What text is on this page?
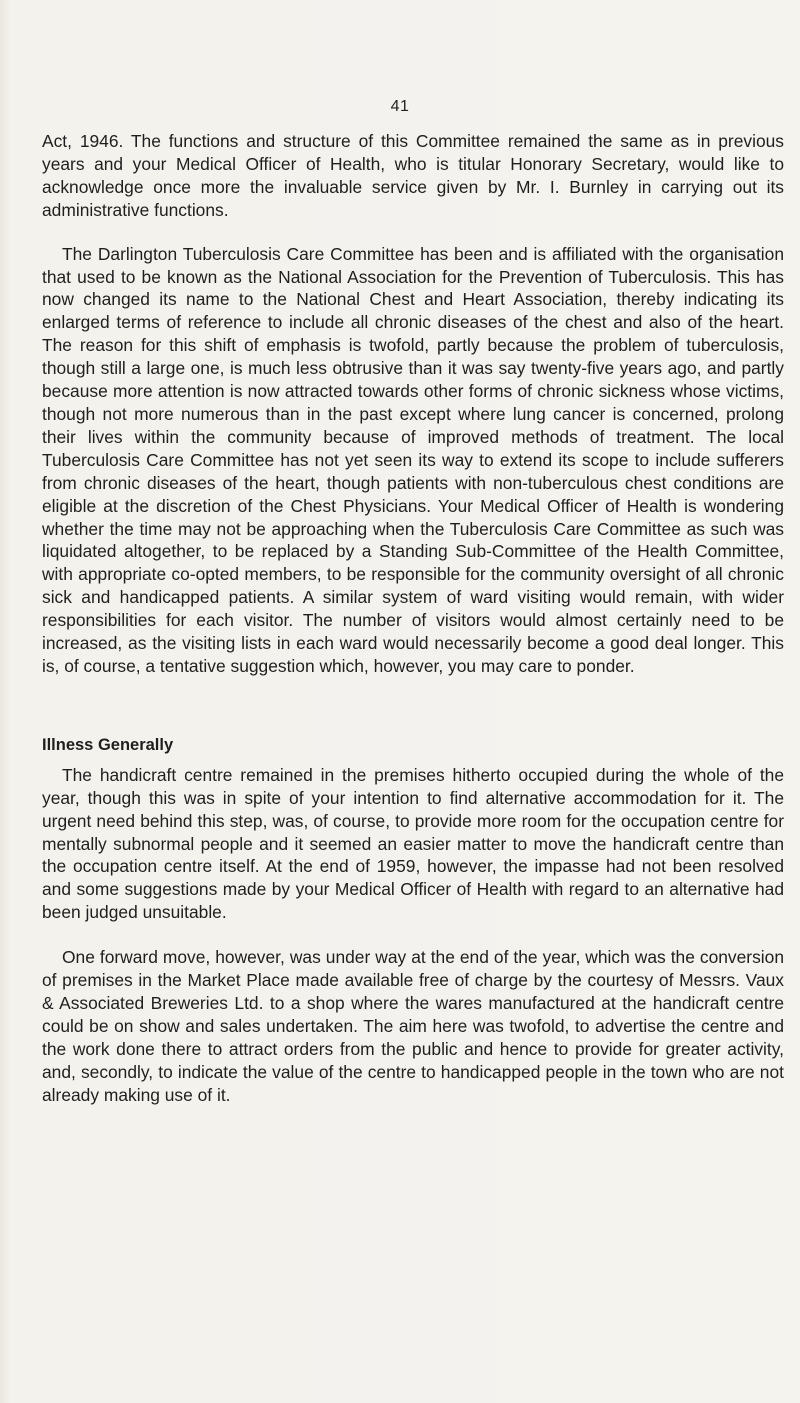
41

Act, 1946. The functions and structure of this Committee remained the same as in previous years and your Medical Officer of Health, who is titular Honorary Secretary, would like to acknowledge once more the invaluable service given by Mr. I. Burnley in carrying out its administrative functions.

The Darlington Tuberculosis Care Committee has been and is affiliated with the organisation that used to be known as the National Association for the Prevention of Tuberculosis. This has now changed its name to the National Chest and Heart Association, thereby indicating its enlarged terms of reference to include all chronic diseases of the chest and also of the heart. The reason for this shift of emphasis is twofold, partly because the problem of tuberculosis, though still a large one, is much less obtrusive than it was say twenty-five years ago, and partly because more attention is now attracted towards other forms of chronic sickness whose victims, though not more numerous than in the past except where lung cancer is concerned, prolong their lives within the community because of improved methods of treatment. The local Tuberculosis Care Committee has not yet seen its way to extend its scope to include sufferers from chronic diseases of the heart, though patients with non-tuberculous chest conditions are eligible at the discretion of the Chest Physicians. Your Medical Officer of Health is wondering whether the time may not be approaching when the Tuberculosis Care Committee as such was liquidated altogether, to be replaced by a Standing Sub-Committee of the Health Committee, with appropriate co-opted members, to be responsible for the community oversight of all chronic sick and handicapped patients. A similar system of ward visiting would remain, with wider responsibilities for each visitor. The number of visitors would almost certainly need to be increased, as the visiting lists in each ward would necessarily become a good deal longer. This is, of course, a tentative suggestion which, however, you may care to ponder.

Illness Generally

The handicraft centre remained in the premises hitherto occupied during the whole of the year, though this was in spite of your intention to find alternative accommodation for it. The urgent need behind this step, was, of course, to provide more room for the occupation centre for mentally subnormal people and it seemed an easier matter to move the handicraft centre than the occupation centre itself. At the end of 1959, however, the impasse had not been resolved and some suggestions made by your Medical Officer of Health with regard to an alternative had been judged unsuitable.

One forward move, however, was under way at the end of the year, which was the conversion of premises in the Market Place made available free of charge by the courtesy of Messrs. Vaux & Associated Breweries Ltd. to a shop where the wares manufactured at the handicraft centre could be on show and sales undertaken. The aim here was twofold, to advertise the centre and the work done there to attract orders from the public and hence to provide for greater activity, and, secondly, to indicate the value of the centre to handicapped people in the town who are not already making use of it.
